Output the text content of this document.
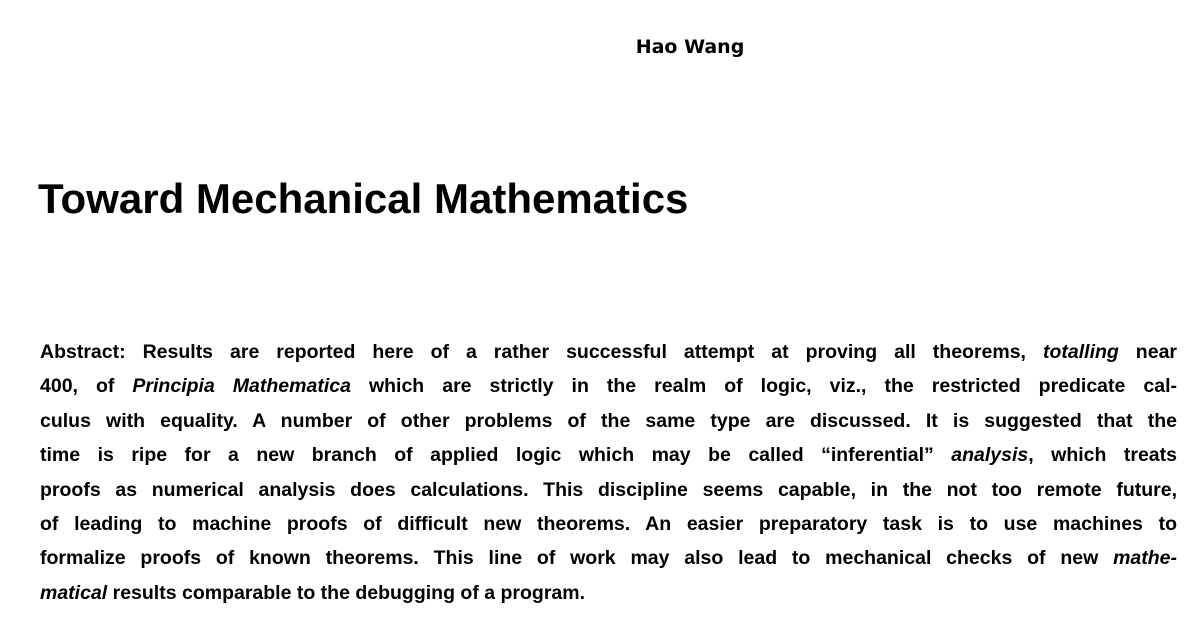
Hao Wang
Toward Mechanical Mathematics
Abstract: Results are reported here of a rather successful attempt at proving all theorems, totalling near
400, of Principia Mathematica which are strictly in the realm of logic, viz., the restricted predicate cal-
culus with equality. A number of other problems of the same type are discussed. It is suggested that the
time is ripe for a new branch of applied logic which may be called “inferential” analysis, which treats
proofs as numerical analysis does calculations. This discipline seems capable, in the not too remote future,
of leading to machine proofs of difficult new theorems. An easier preparatory task is to use machines to
formalize proofs of known theorems. This line of work may also lead to mechanical checks of new mathe-
matical results comparable to the debugging of a program.
